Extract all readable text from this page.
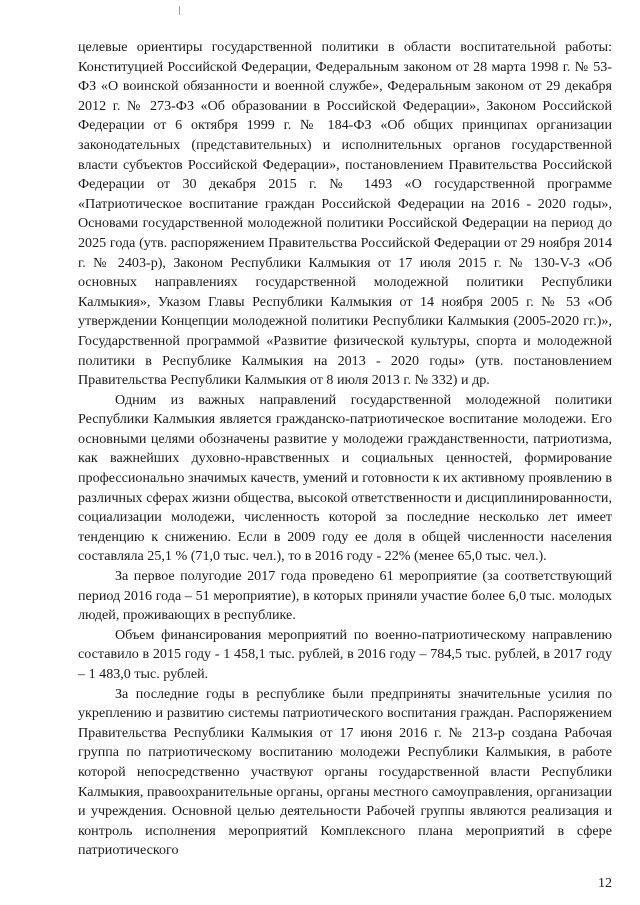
целевые ориентиры государственной политики в области воспитательной работы: Конституцией Российской Федерации, Федеральным законом от 28 марта 1998 г. № 53-ФЗ «О воинской обязанности и военной службе», Федеральным законом от 29 декабря 2012 г. № 273-ФЗ «Об образовании в Российской Федерации», Законом Российской Федерации от 6 октября 1999 г. № 184-ФЗ «Об общих принципах организации законодательных (представительных) и исполнительных органов государственной власти субъектов Российской Федерации», постановлением Правительства Российской Федерации от 30 декабря 2015 г. № 1493 «О государственной программе «Патриотическое воспитание граждан Российской Федерации на 2016 - 2020 годы», Основами государственной молодежной политики Российской Федерации на период до 2025 года (утв. распоряжением Правительства Российской Федерации от 29 ноября 2014 г. № 2403-р), Законом Республики Калмыкия от 17 июля 2015 г. № 130-V-З «Об основных направлениях государственной молодежной политики Республики Калмыкия», Указом Главы Республики Калмыкия от 14 ноября 2005 г. № 53 «Об утверждении Концепции молодежной политики Республики Калмыкия (2005-2020 гг.)», Государственной программой «Развитие физической культуры, спорта и молодежной политики в Республике Калмыкия на 2013 - 2020 годы» (утв. постановлением Правительства Республики Калмыкия от 8 июля 2013 г. № 332) и др.

Одним из важных направлений государственной молодежной политики Республики Калмыкия является гражданско-патриотическое воспитание молодежи. Его основными целями обозначены развитие у молодежи гражданственности, патриотизма, как важнейших духовно-нравственных и социальных ценностей, формирование профессионально значимых качеств, умений и готовности к их активному проявлению в различных сферах жизни общества, высокой ответственности и дисциплинированности, социализации молодежи, численность которой за последние несколько лет имеет тенденцию к снижению. Если в 2009 году ее доля в общей численности населения составляла 25,1 % (71,0 тыс. чел.), то в 2016 году - 22% (менее 65,0 тыс. чел.).

За первое полугодие 2017 года проведено 61 мероприятие (за соответствующий период 2016 года – 51 мероприятие), в которых приняли участие более 6,0 тыс. молодых людей, проживающих в республике.

Объем финансирования мероприятий по военно-патриотическому направлению составило в 2015 году - 1 458,1 тыс. рублей, в 2016 году – 784,5 тыс. рублей, в 2017 году – 1 483,0 тыс. рублей.

За последние годы в республике были предприняты значительные усилия по укреплению и развитию системы патриотического воспитания граждан. Распоряжением Правительства Республики Калмыкия от 17 июня 2016 г. № 213-р создана Рабочая группа по патриотическому воспитанию молодежи Республики Калмыкия, в работе которой непосредственно участвуют органы государственной власти Республики Калмыкия, правоохранительные органы, органы местного самоуправления, организации и учреждения. Основной целью деятельности Рабочей группы являются реализация и контроль исполнения мероприятий Комплексного плана мероприятий в сфере патриотического

12
